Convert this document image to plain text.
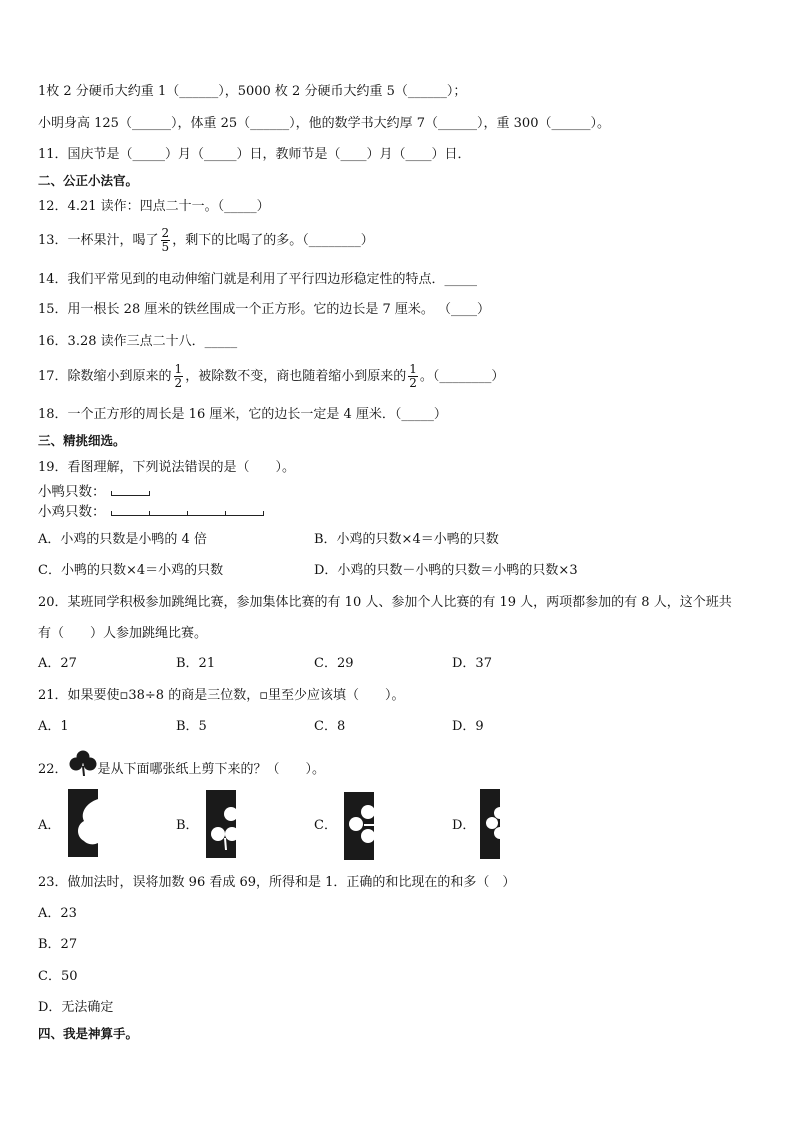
1枚 2 分硬币大约重 1（______），5000 枚 2 分硬币大约重 5（______）；
小明身高 125（______），体重 25（______），他的数学书大约厚 7（______），重 300（______）。
11．国庆节是（_____）月（_____）日，教师节是（____）月（____）日．
二、公正小法官。
12．4.21 读作：四点二十一。（_____）
13．一杯果汁，喝了 $\frac{2}{5}$ ，剩下的比喝了的多。（________）
14．我们平常见到的电动伸缩门就是利用了平行四边形稳定性的特点．_____
15．用一根长 28 厘米的铁丝围成一个正方形。它的边长是 7 厘米。 （____）
16．3.28 读作三点二十八．_____
17．除数缩小到原来的 $\frac{1}{2}$ ，被除数不变，商也随着缩小到原来的 $\frac{1}{2}$ 。（________）
18．一个正方形的周长是 16 厘米，它的边长一定是 4 厘米．（_____）
三、精挑细选。
19．看图理解，下列说法错误的是（　　）。
小鸭只数：
小鸡只数：
A．小鸡的只数是小鸭的 4 倍	B．小鸡的只数×4＝小鸭的只数
C．小鸭的只数×4＝小鸡的只数	D．小鸡的只数－小鸭的只数＝小鸭的只数×3
20．某班同学积极参加跳绳比赛，参加集体比赛的有 10 人、参加个人比赛的有 19 人，两项都参加的有 8 人，这个班共
有（　　）人参加跳绳比赛。
A．27	B．21	C．29	D．37
21．如果要使▫38÷8 的商是三位数，▫里至少应该填（　　）。
A．1	B．5	C．8	D．9
22． 是从下面哪张纸上剪下来的？（　　）。
A．	B．	C．	D．
23．做加法时，误将加数 96 看成 69，所得和是 1．正确的和比现在的和多（　）
A．23
B．27
C．50
D．无法确定
四、我是神算手。
